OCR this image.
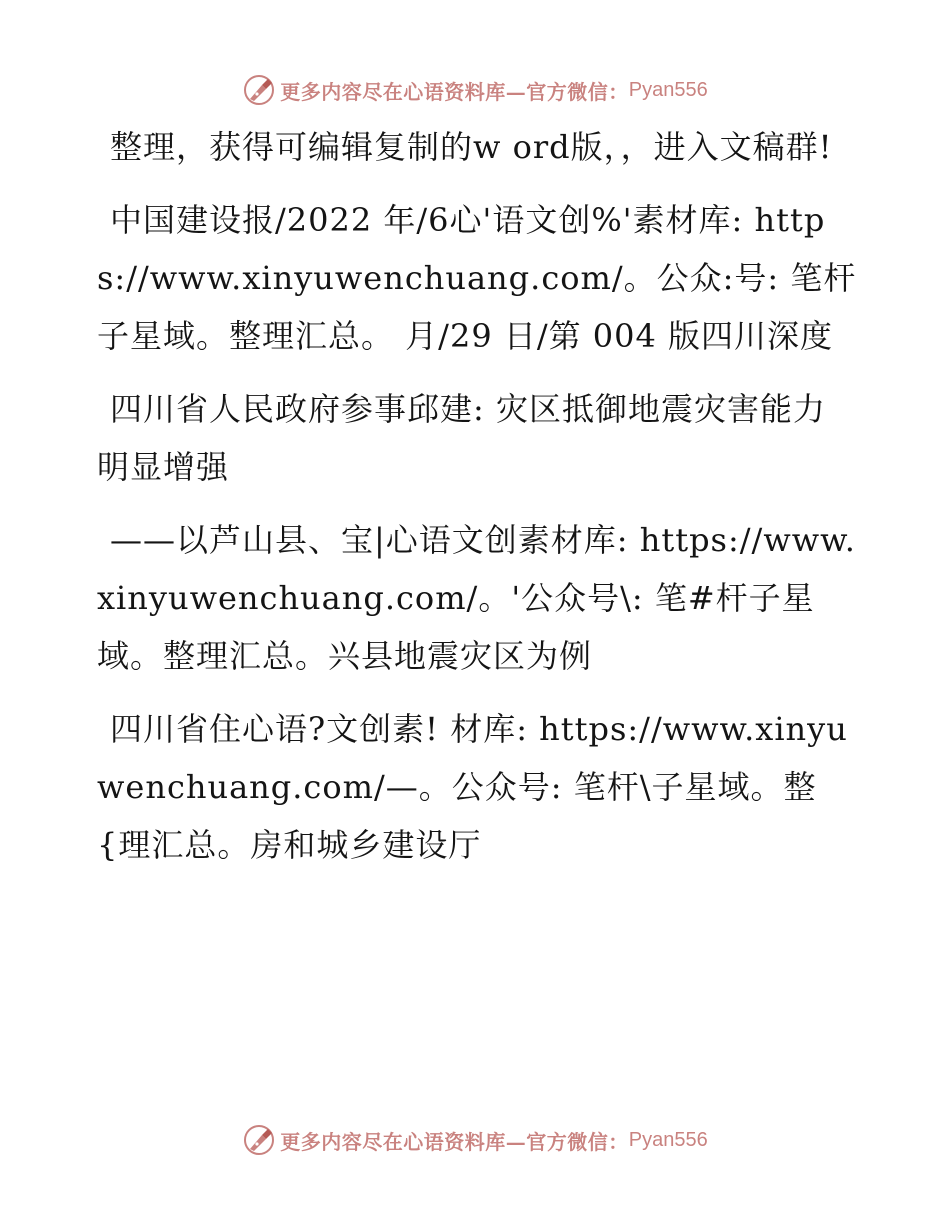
更多内容尽在心语资料库—官方微信： Pyan556

整理，获得可编辑复制的w ord版，，进入文稿群!

中国建设报/2022 年/6心'语文创%'素材库: https://www.xinyuwenchuang.com/。公众:号: 笔杆子星域。整理汇总。 月/29 日/第 004 版四川深度

四川省人民政府参事邱建: 灾区抵御地震灾害能力明显增强

——以芦山县、宝|心语文创素材库: https://www.xinyuwenchuang.com/。'公众号\: 笔#杆子星域。整理汇总。兴县地震灾区为例

四川省住心语?文创素! 材库: https://www.xinyuwenchuang.com/—。公众号: 笔杆\子星域。整{理汇总。房和城乡建设厅

更多内容尽在心语资料库—官方微信： Pyan556
